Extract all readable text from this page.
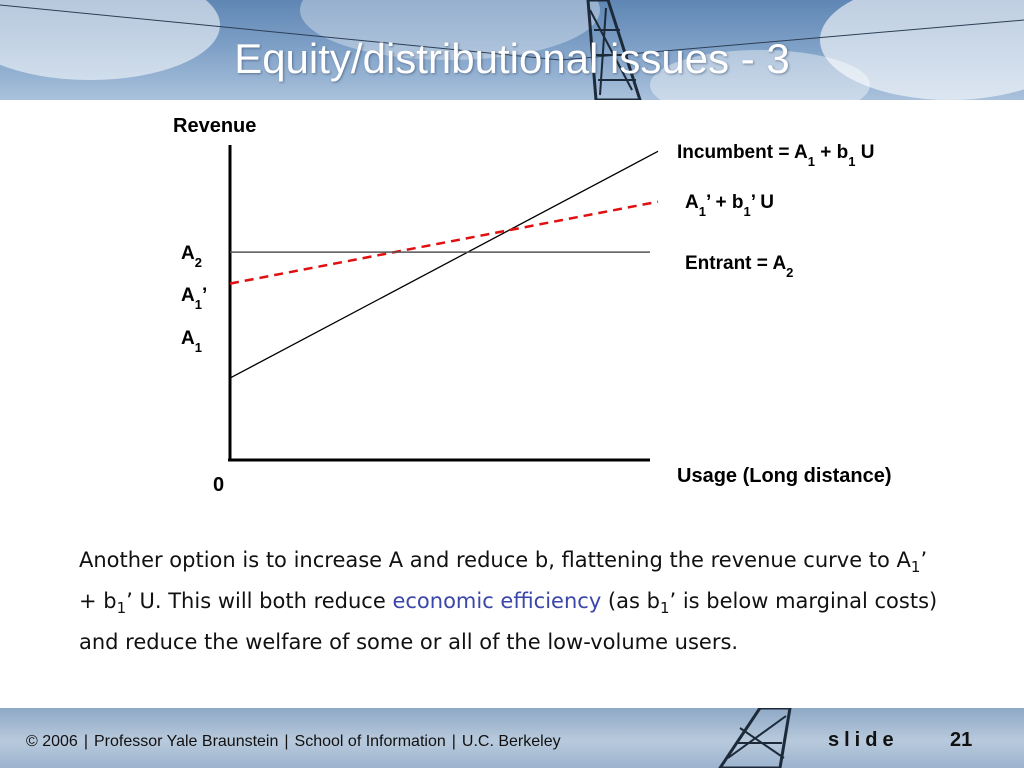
Equity/distributional issues - 3
Revenue
Usage (Long distance)
0
Incumbent = $A_1 + b_1$ U
$A_1$’ + $b_1$’ U
Entrant = $A_2$
$A_2$
$A_1$’
$A_1$
Another option is to increase A and reduce b, flattening the revenue curve to $A_1$’ + $b_1$’ U. This will both reduce economic efficiency (as $b_1$’ is below marginal costs) and reduce the welfare of some or all of the low-volume users.
© 2006 | Professor Yale Braunstein | School of Information | U.C. Berkeley	slide	21
